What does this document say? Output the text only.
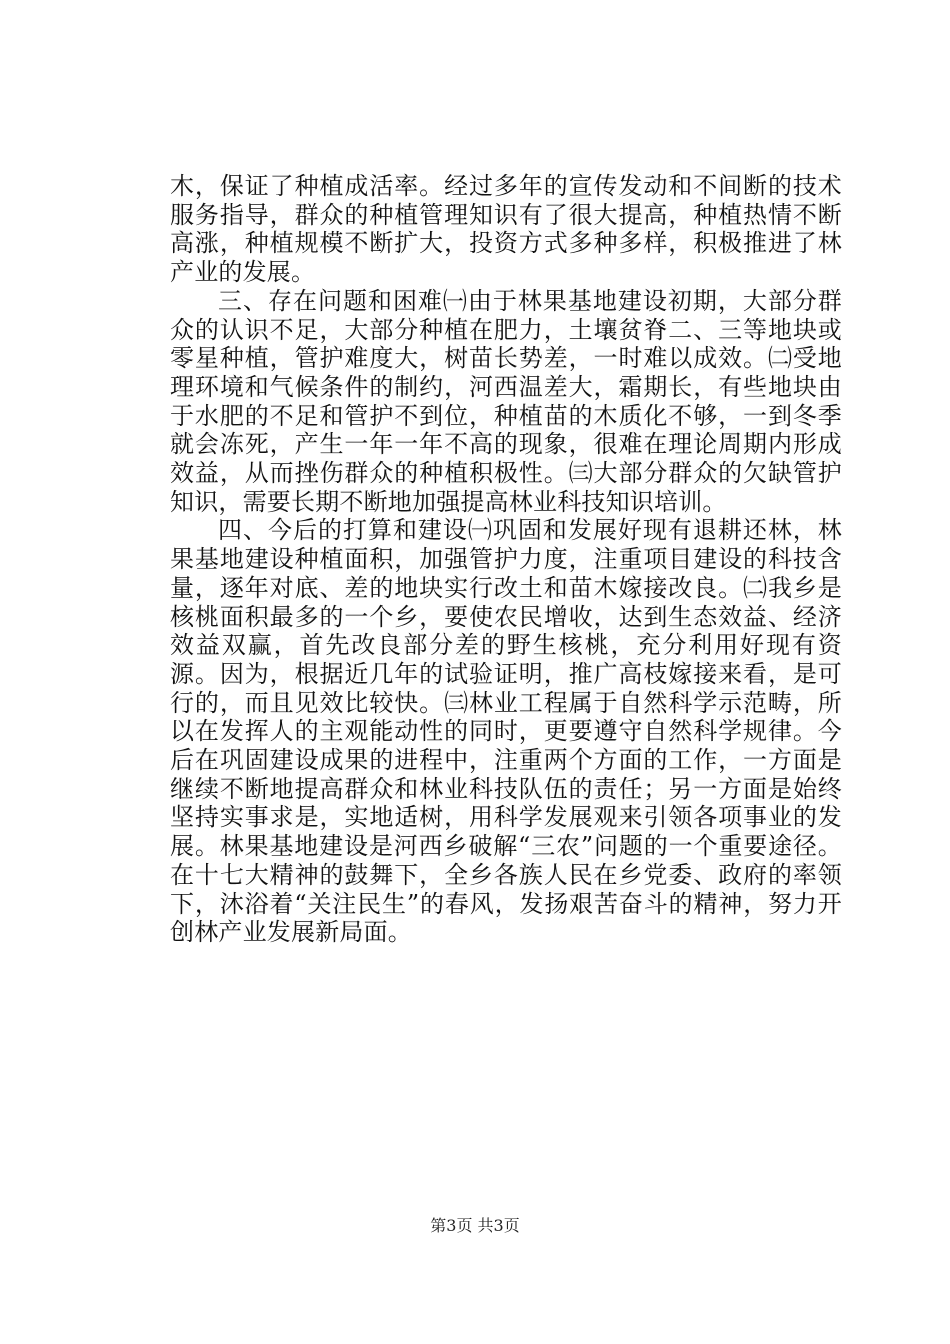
木，保证了种植成活率。经过多年的宣传发动和不间断的技术服务指导，群众的种植管理知识有了很大提高，种植热情不断高涨，种植规模不断扩大，投资方式多种多样，积极推进了林产业的发展。

三、存在问题和困难㈠由于林果基地建设初期，大部分群众的认识不足，大部分种植在肥力，土壤贫脊二、三等地块或零星种植，管护难度大，树苗长势差，一时难以成效。㈡受地理环境和气候条件的制约，河西温差大，霜期长，有些地块由于水肥的不足和管护不到位，种植苗的木质化不够，一到冬季就会冻死，产生一年一年不高的现象，很难在理论周期内形成效益，从而挫伤群众的种植积极性。㈢大部分群众的欠缺管护知识，需要长期不断地加强提高林业科技知识培训。

四、今后的打算和建设㈠巩固和发展好现有退耕还林，林果基地建设种植面积，加强管护力度，注重项目建设的科技含量，逐年对底、差的地块实行改土和苗木嫁接改良。㈡我乡是核桃面积最多的一个乡，要使农民增收，达到生态效益、经济效益双赢，首先改良部分差的野生核桃，充分利用好现有资源。因为，根据近几年的试验证明，推广高枝嫁接来看，是可行的，而且见效比较快。㈢林业工程属于自然科学示范畴，所以在发挥人的主观能动性的同时，更要遵守自然科学规律。今后在巩固建设成果的进程中，注重两个方面的工作，一方面是继续不断地提高群众和林业科技队伍的责任；另一方面是始终坚持实事求是，实地适树，用科学发展观来引领各项事业的发展。林果基地建设是河西乡破解“三农”问题的一个重要途径。在十七大精神的鼓舞下，全乡各族人民在乡党委、政府的率领下，沐浴着“关注民生”的春风，发扬艰苦奋斗的精神，努力开创林产业发展新局面。

第3页 共3页
